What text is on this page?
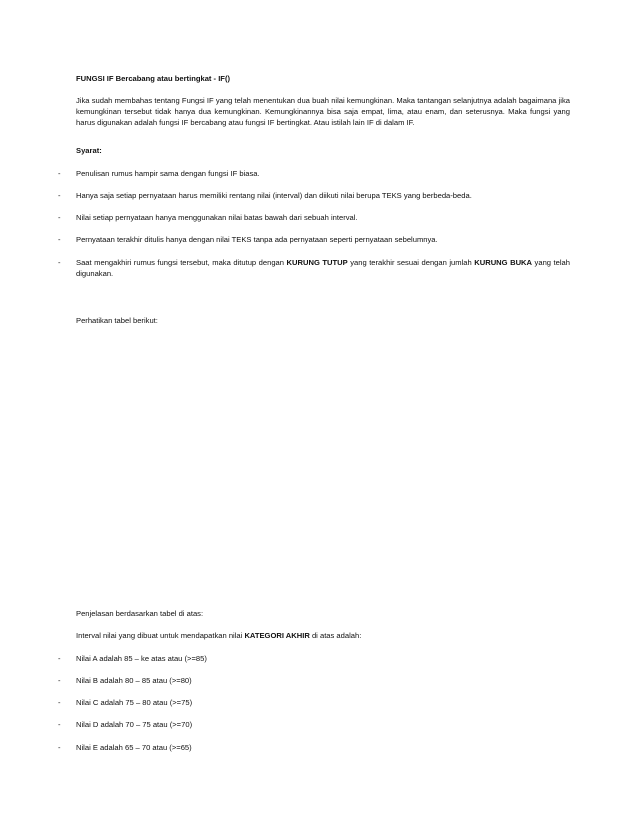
FUNGSI IF Bercabang atau bertingkat - IF()
Jika sudah membahas tentang Fungsi IF yang telah menentukan dua buah nilai kemungkinan. Maka tantangan selanjutnya adalah bagaimana jika kemungkinan tersebut tidak hanya dua kemungkinan. Kemungkinannya bisa saja empat, lima, atau enam, dan seterusnya. Maka fungsi yang harus digunakan adalah fungsi IF bercabang atau fungsi IF bertingkat. Atau istilah lain IF di dalam IF.
Syarat:
- Penulisan rumus hampir sama dengan fungsi IF biasa.
- Hanya saja setiap pernyataan harus memiliki rentang nilai (interval) dan diikuti nilai berupa TEKS yang berbeda-beda.
- Nilai setiap pernyataan hanya menggunakan nilai batas bawah dari sebuah interval.
- Pernyataan terakhir ditulis hanya dengan nilai TEKS tanpa ada pernyataan seperti pernyataan sebelumnya.
- Saat mengakhiri rumus fungsi tersebut, maka ditutup dengan KURUNG TUTUP yang terakhir sesuai dengan jumlah KURUNG BUKA yang telah digunakan.
Perhatikan tabel berikut:
Penjelasan berdasarkan tabel di atas:
Interval nilai yang dibuat untuk mendapatkan nilai KATEGORI AKHIR di atas adalah:
- Nilai A adalah 85 – ke atas atau (>=85)
- Nilai B adalah 80 – 85 atau (>=80)
- Nilai C adalah 75 – 80 atau (>=75)
- Nilai D adalah 70 – 75 atau (>=70)
- Nilai E adalah 65 – 70 atau (>=65)
